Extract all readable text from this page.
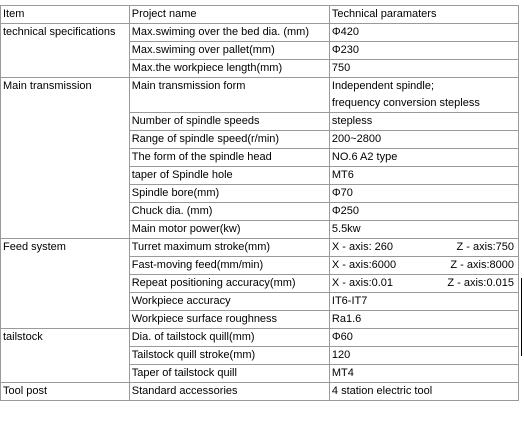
Item	Project name	Technical paramaters
technical specifications	Max.swiming over the bed dia. (mm)	Φ420
	Max.swiming over pallet(mm)	Φ230
	Max.the workpiece length(mm)	750
Main transmission	Main transmission form	Independent spindle;
frequency conversion stepless

	Number of spindle speeds	stepless
	Range of spindle speed(r/min)	200~2800
	The form of the spindle head	NO.6 A2 type
	taper of Spindle hole	MT6
	Spindle bore(mm)	Φ70
	Chuck dia. (mm)	Φ250
	Main motor power(kw)	5.5kw
Feed system	Turret maximum stroke(mm)	X - axis: 260 Z - axis:750

	Fast-moving feed(mm/min)	X - axis:6000 Z - axis:8000

	Repeat positioning accuracy(mm)	X - axis:0.01 Z - axis:0.015

	Workpiece accuracy	IT6-IT7
	Workpiece surface roughness	Ra1.6
tailstock	Dia. of tailstock quill(mm)	Φ60
	Tailstock quill stroke(mm)	120
	Taper of tailstock quill	MT4
Tool post	Standard accessories	4 station electric tool
